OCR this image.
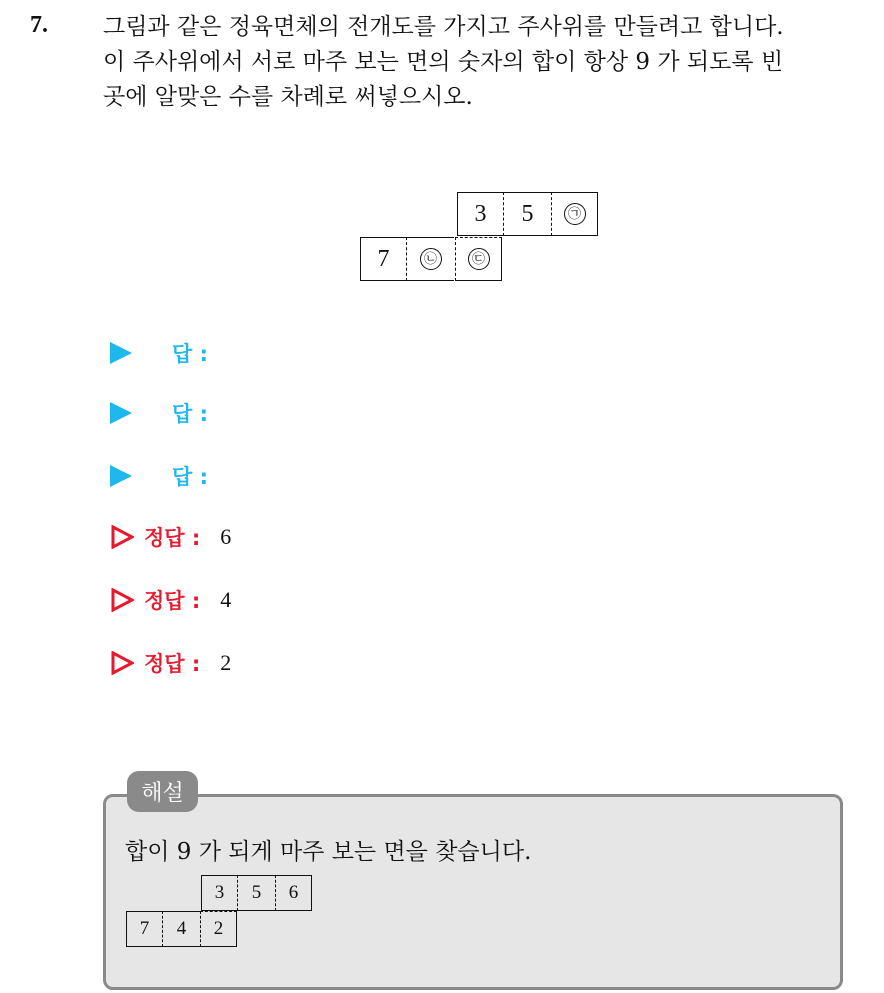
7. 그림과 같은 정육면체의 전개도를 가지고 주사위를 만들려고 합니다.
이 주사위에서 서로 마주 보는 면의 숫자의 합이 항상 9 가 되도록 빈
곳에 알맞은 수를 차례로 써넣으시오.
3	5	㉠
7	㉡	㉢
답 :
답 :
답 :
정답 : 6
정답 : 4
정답 : 2
해설
합이 9 가 되게 마주 보는 면을 찾습니다.
3	5	6
7	4	2
